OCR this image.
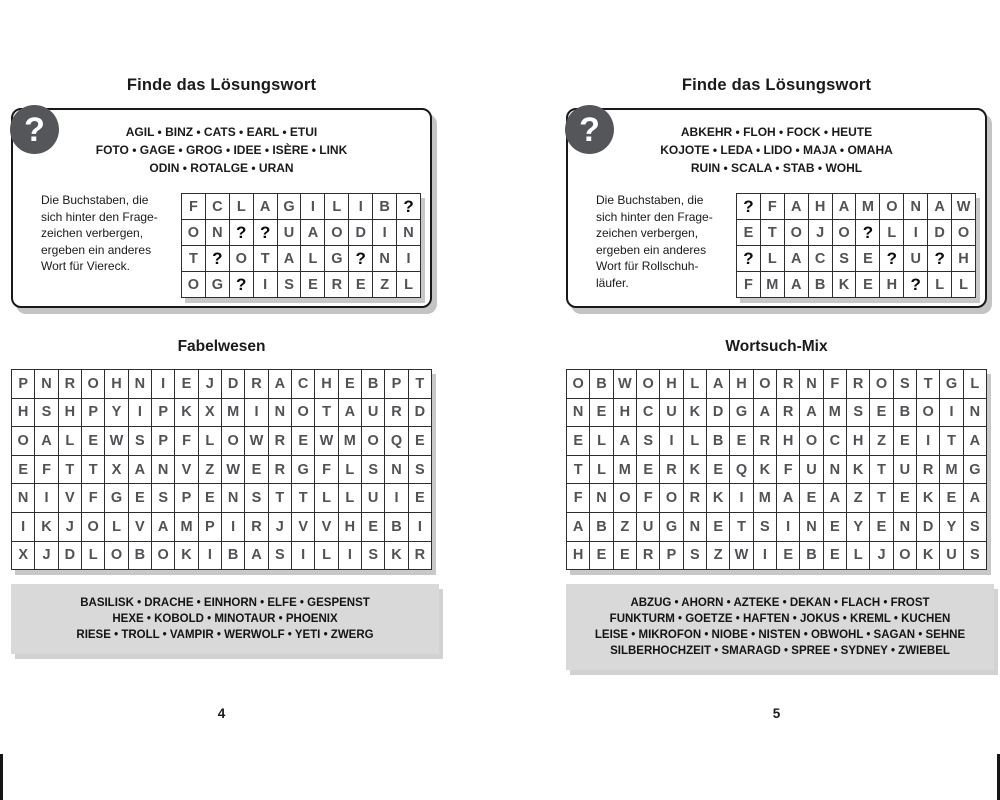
Finde das Lösungswort
?	AGIL • BINZ • CATS • EARL • ETUI
FOTO • GAGE • GROG • IDEE • ISÈRE • LINK
ODIN • ROTALGE • URAN
Die Buchstaben, die
sich hinter den Frage-
zeichen verbergen,
ergeben ein anderes
Wort für Viereck.
F C L A G	I	L	I	B ?
O N ? ? U A O D	I	N
T ? O T A L G ? N	I
O G ?	I	S E R E	Z	L
Fabelwesen
P N R O H N	I	E J D R A C H E B P T
H S H P Y	I	P K X M	I	N O T A U R D
O A L E W S P F L O W R E W M O Q E
E F T T X A N V Z W E R G F L S N S
N	I	V F G E S P E N S T T L L U	I	E
I	K J O L V A M P	I	R J V V H E B	I
X J D L O B O K	I	B A S	I	L	I	S K R
BASILISK • DRACHE • EINHORN • ELFE • GESPENST
HEXE • KOBOLD • MINOTAUR • PHOENIX
RIESE • TROLL • VAMPIR • WERWOLF • YETI • ZWERG
4
Finde das Lösungswort
?	ABKEHR • FLOH • FOCK • HEUTE
KOJOTE • LEDA • LIDO • MAJA • OMAHA
RUIN • SCALA • STAB • WOHL
Die Buchstaben, die
sich hinter den Frage-
zeichen verbergen,
ergeben ein anderes
Wort für Rollschuh-
läufer.
? F A H A M O N A W
E	T O J O ? L	I	D O
? L A C S E ? U ? H
F M A B K E H ? L	L
Wortsuch-Mix
O B W O H L A H O R N F R O S T G L
N E H C U K D G A R A M S E B O	I	N
E L A S	I	L B E R H O C H Z E	I	T A
T L M E R K E Q K F U N K T U R M G
F N O F O R K	I	M A E A Z T E K E A
A B Z U G N E T S	I	N E Y E N D Y S
H E E R P S Z W I	E B E L	J O K U S
ABZUG • AHORN • AZTEKE • DEKAN • FLACH • FROST
FUNKTURM • GOETZE • HAFTEN • JOKUS • KREML • KUCHEN
LEISE • MIKROFON • NIOBE • NISTEN • OBWOHL • SAGAN • SEHNE
SILBERHOCHZEIT • SMARAGD • SPREE • SYDNEY • ZWIEBEL
5
